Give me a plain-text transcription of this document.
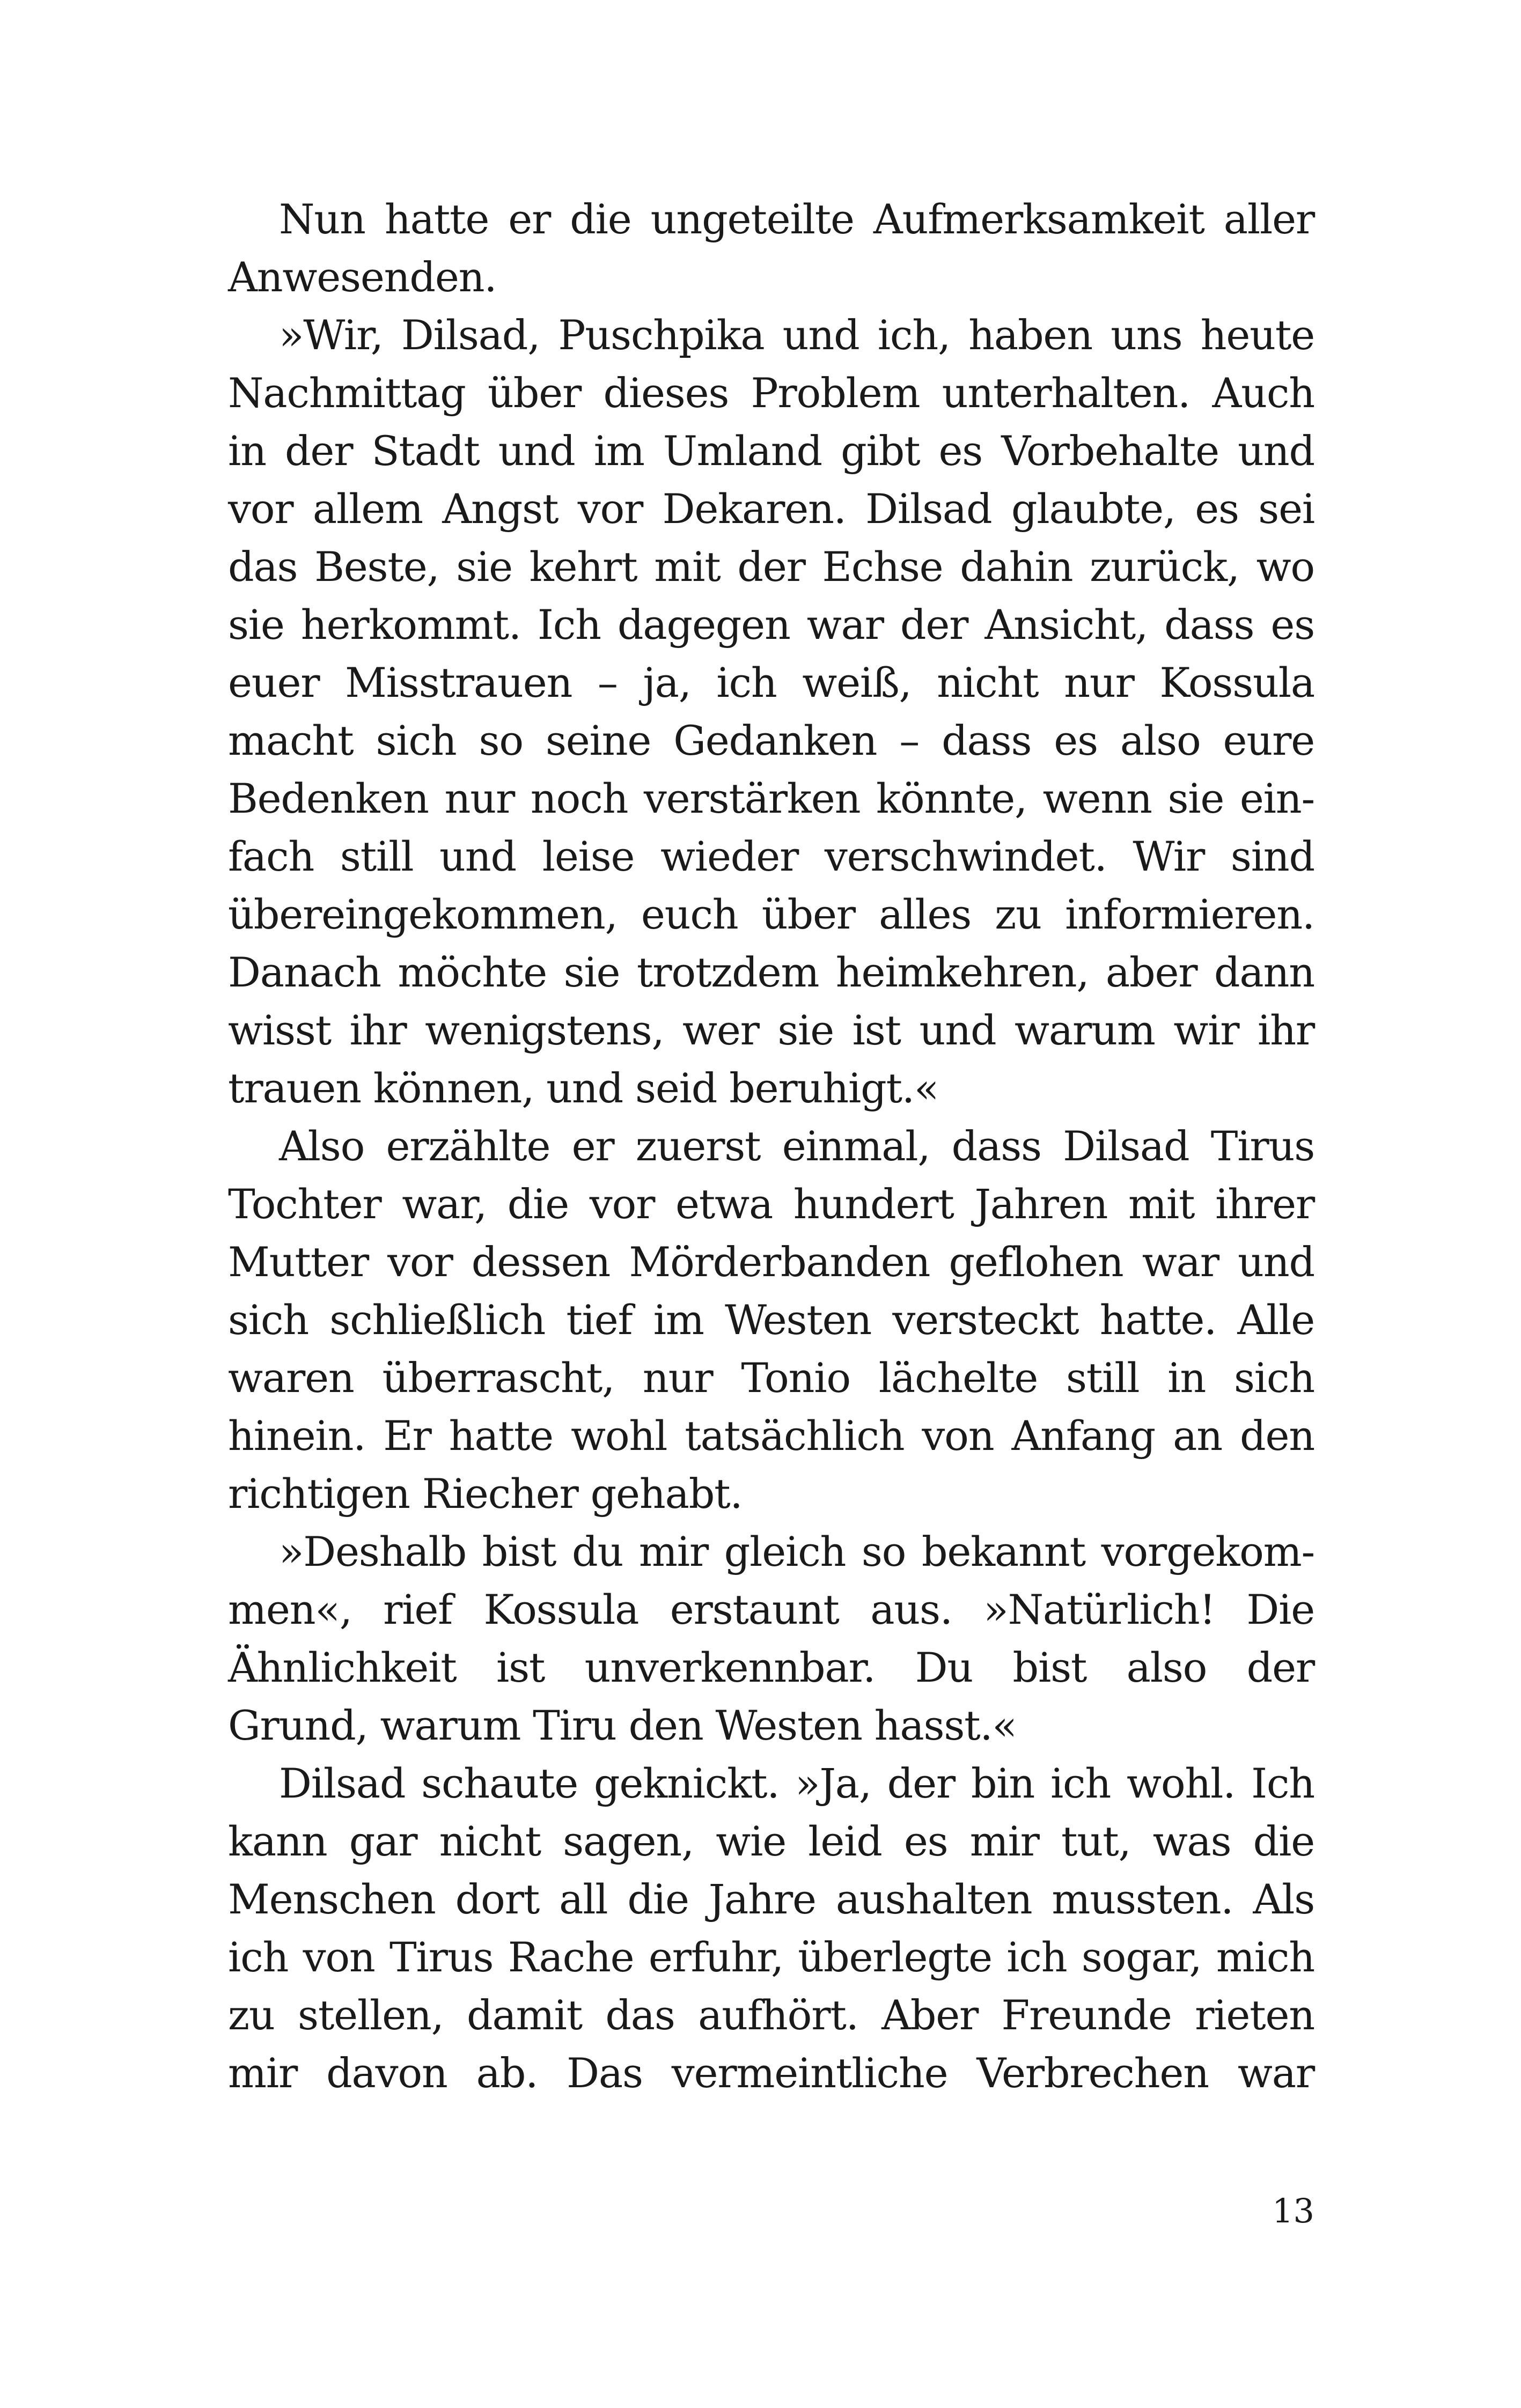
Nun hatte er die ungeteilte Aufmerksamkeit aller
Anwesenden.
»Wir, Dilsad, Puschpika und ich, haben uns heute
Nachmittag über dieses Problem unterhalten. Auch
in der Stadt und im Umland gibt es Vorbehalte und
vor allem Angst vor Dekaren. Dilsad glaubte, es sei
das Beste, sie kehrt mit der Echse dahin zurück, wo
sie herkommt. Ich dagegen war der Ansicht, dass es
euer Misstrauen – ja, ich weiß, nicht nur Kossula
macht sich so seine Gedanken – dass es also eure
Bedenken nur noch verstärken könnte, wenn sie ein-
fach still und leise wieder verschwindet. Wir sind
übereingekommen, euch über alles zu informieren.
Danach möchte sie trotzdem heimkehren, aber dann
wisst ihr wenigstens, wer sie ist und warum wir ihr
trauen können, und seid beruhigt.«
Also erzählte er zuerst einmal, dass Dilsad Tirus
Tochter war, die vor etwa hundert Jahren mit ihrer
Mutter vor dessen Mörderbanden geflohen war und
sich schließlich tief im Westen versteckt hatte. Alle
waren überrascht, nur Tonio lächelte still in sich
hinein. Er hatte wohl tatsächlich von Anfang an den
richtigen Riecher gehabt.
»Deshalb bist du mir gleich so bekannt vorgekom-
men«, rief Kossula erstaunt aus. »Natürlich! Die
Ähnlichkeit ist unverkennbar. Du bist also der
Grund, warum Tiru den Westen hasst.«
Dilsad schaute geknickt. »Ja, der bin ich wohl. Ich
kann gar nicht sagen, wie leid es mir tut, was die
Menschen dort all die Jahre aushalten mussten. Als
ich von Tirus Rache erfuhr, überlegte ich sogar, mich
zu stellen, damit das aufhört. Aber Freunde rieten
mir davon ab. Das vermeintliche Verbrechen war
13
